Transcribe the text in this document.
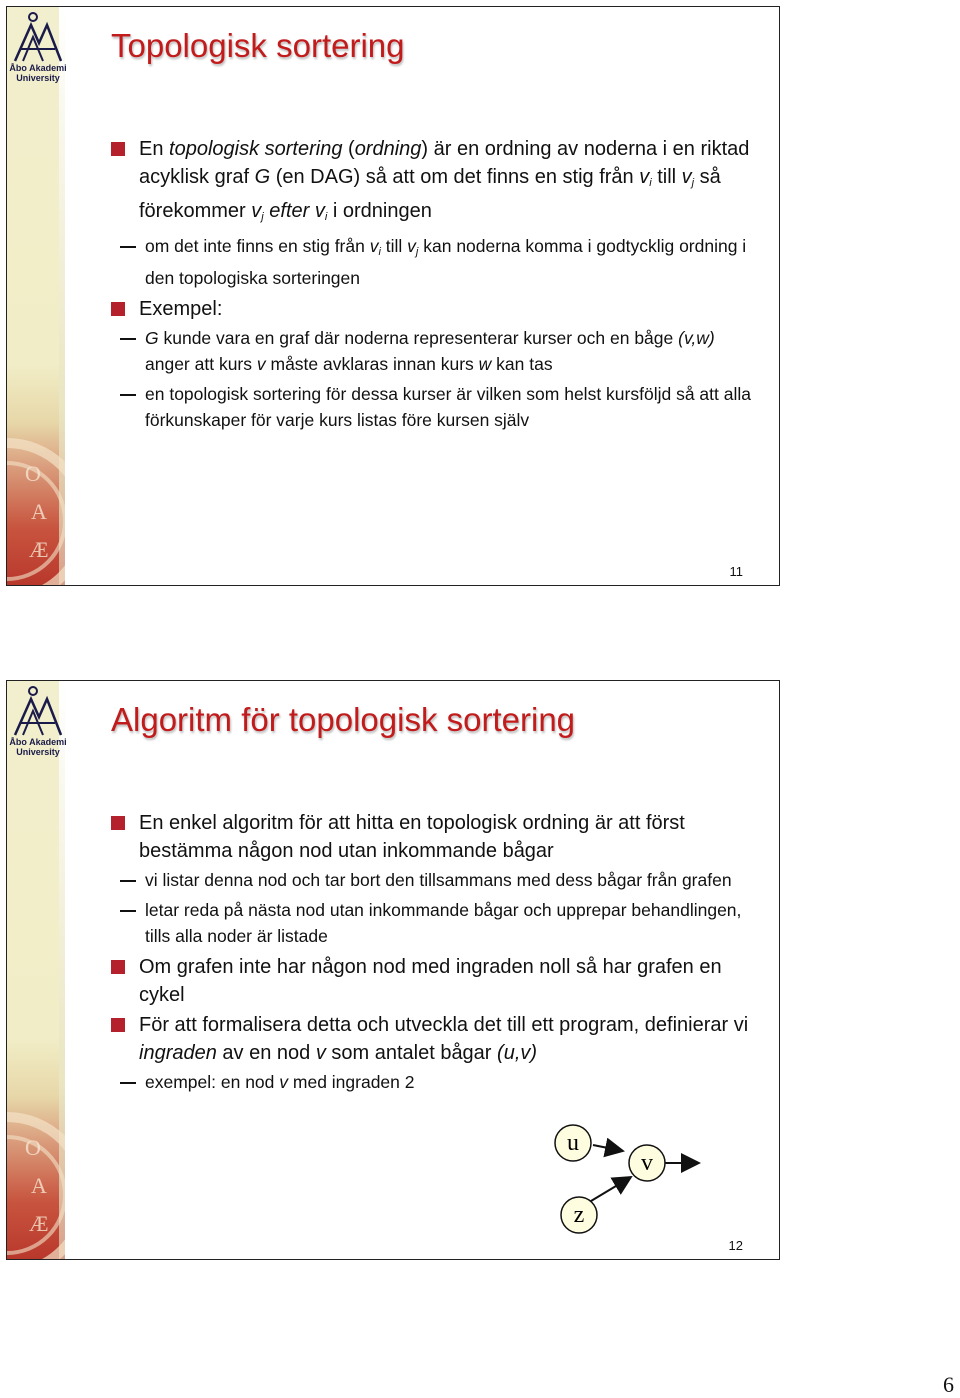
O
A
Æ
Åbo Akademi
University
Topologisk sortering
En topologisk sortering (ordning) är en ordning av noderna i en riktad acyklisk graf G (en DAG) så att om det finns en stig från $v_i$ till $v_j$ så förekommer $v_j$ efter $v_i$ i ordningen
om det inte finns en stig från $v_i$ till $v_j$ kan noderna komma i godtycklig ordning i den topologiska sorteringen
Exempel:
G kunde vara en graf där noderna representerar kurser och en båge (v,w) anger att kurs v måste avklaras innan kurs w kan tas
en topologisk sortering för dessa kurser är vilken som helst kursföljd så att alla förkunskaper för varje kurs listas före kursen själv
11
O
A
Æ
Åbo Akademi
University
Algoritm för topologisk sortering
En enkel algoritm för att hitta en topologisk ordning är att först bestämma någon nod utan inkommande bågar
vi listar denna nod och tar bort den tillsammans med dess bågar från grafen
letar reda på nästa nod utan inkommande bågar och upprepar behandlingen, tills alla noder är listade
Om grafen inte har någon nod med ingraden noll så har grafen en cykel
För att formalisera detta och utveckla det till ett program, definierar vi ingraden av en nod v som antalet bågar (u,v)
exempel: en nod v med ingraden 2
u
v
z
12
6
